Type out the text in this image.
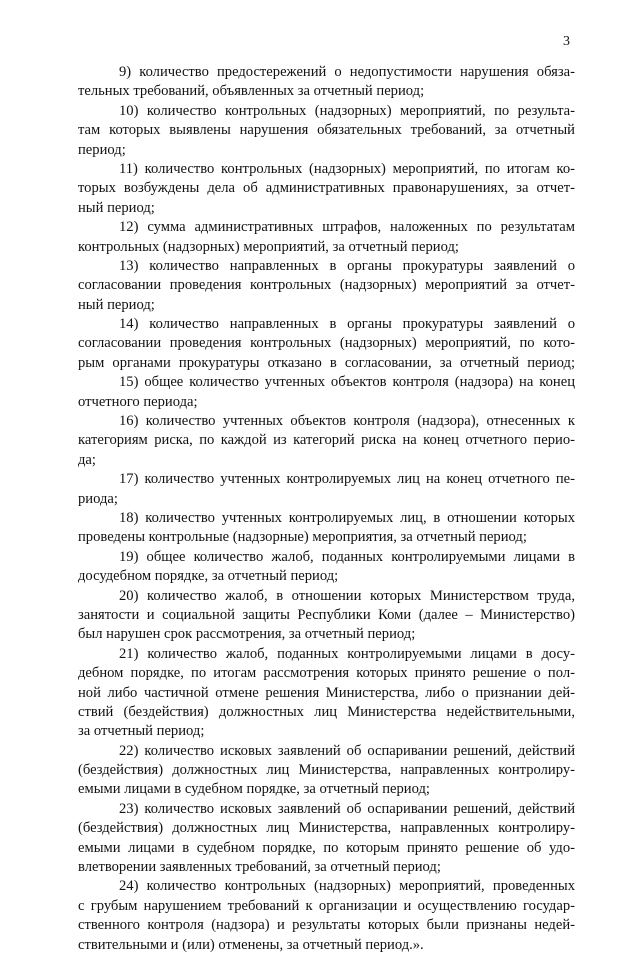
3
9) количество предостережений о недопустимости нарушения обяза-
тельных требований, объявленных за отчетный период;
10) количество контрольных (надзорных) мероприятий, по результа-
там которых выявлены нарушения обязательных требований, за отчетный
период;
11) количество контрольных (надзорных) мероприятий, по итогам ко-
торых возбуждены дела об административных правонарушениях, за отчет-
ный период;
12) сумма административных штрафов, наложенных по результатам
контрольных (надзорных) мероприятий, за отчетный период;
13) количество направленных в органы прокуратуры заявлений о
согласовании проведения контрольных (надзорных) мероприятий за отчет-
ный период;
14) количество направленных в органы прокуратуры заявлений о
согласовании проведения контрольных (надзорных) мероприятий, по кото-
рым органами прокуратуры отказано в согласовании, за отчетный период;
15) общее количество учтенных объектов контроля (надзора) на конец
отчетного периода;
16) количество учтенных объектов контроля (надзора), отнесенных к
категориям риска, по каждой из категорий риска на конец отчетного перио-
да;
17) количество учтенных контролируемых лиц на конец отчетного пе-
риода;
18) количество учтенных контролируемых лиц, в отношении которых
проведены контрольные (надзорные) мероприятия, за отчетный период;
19) общее количество жалоб, поданных контролируемыми лицами в
досудебном порядке, за отчетный период;
20) количество жалоб, в отношении которых Министерством труда,
занятости и социальной защиты Республики Коми (далее – Министерство)
был нарушен срок рассмотрения, за отчетный период;
21) количество жалоб, поданных контролируемыми лицами в досу-
дебном порядке, по итогам рассмотрения которых принято решение о пол-
ной либо частичной отмене решения Министерства, либо о признании дей-
ствий (бездействия) должностных лиц Министерства недействительными,
за отчетный период;
22) количество исковых заявлений об оспаривании решений, действий
(бездействия) должностных лиц Министерства, направленных контролиру-
емыми лицами в судебном порядке, за отчетный период;
23) количество исковых заявлений об оспаривании решений, действий
(бездействия) должностных лиц Министерства, направленных контролиру-
емыми лицами в судебном порядке, по которым принято решение об удо-
влетворении заявленных требований, за отчетный период;
24) количество контрольных (надзорных) мероприятий, проведенных
с грубым нарушением требований к организации и осуществлению государ-
ственного контроля (надзора) и результаты которых были признаны недей-
ствительными и (или) отменены, за отчетный период.».
